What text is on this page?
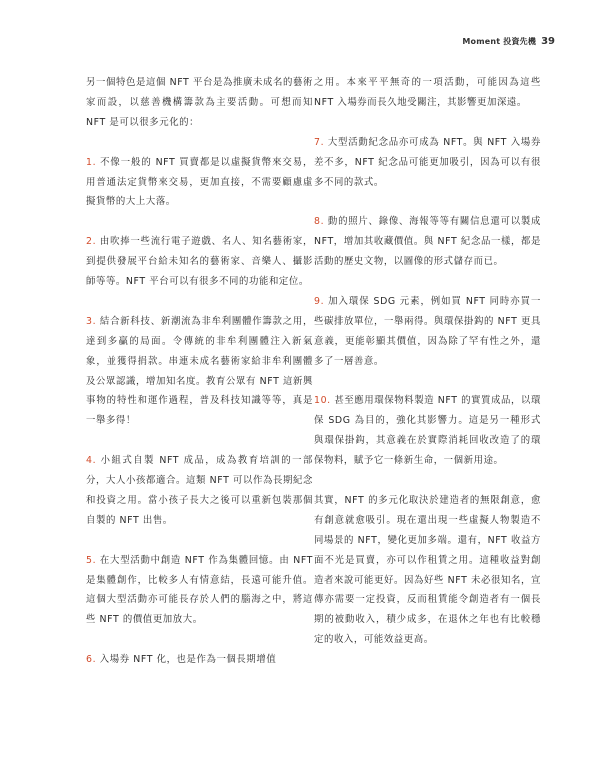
Moment 投資先機 39

另一個特色是這個 NFT 平台是為推廣未成名的藝術家而設，以慈善機構籌款為主要活動。可想而知 NFT 是可以很多元化的：

1. 不像一般的 NFT 買賣都是以虛擬貨幣來交易，用普通法定貨幣來交易，更加直接，不需要顧慮虛擬貨幣的大上大落。

2. 由吹捧一些流行電子遊戲、名人、知名藝術家，到提供發展平台給未知名的藝術家、音樂人、攝影師等等。NFT 平台可以有很多不同的功能和定位。

3. 結合新科技、新潮流為非牟利團體作籌款之用，達到多贏的局面。令傳統的非牟利團體注入新氣象，並獲得捐款。串連未成名藝術家給非牟利團體及公眾認識，增加知名度。教育公眾有 NFT 這新興事物的特性和運作過程，普及科技知識等等，真是一舉多得！

4. 小組式自製 NFT 成品，成為教育培訓的一部分，大人小孩都適合。這類 NFT 可以作為長期紀念和投資之用。當小孩子長大之後可以重新包裝那個自製的 NFT 出售。

5. 在大型活動中創造 NFT 作為集體回憶。由 NFT 是集體創作，比較多人有情意結，長遠可能升值。這個大型活動亦可能長存於人們的腦海之中，將這些 NFT 的價值更加放大。

6. 入場券 NFT 化，也是作為一個長期增值

之用。本來平平無奇的一項活動，可能因為這些 NFT 入場券而長久地受關注，其影響更加深遠。

7. 大型活動紀念品亦可成為 NFT。與 NFT 入場券差不多，NFT 紀念品可能更加吸引，因為可以有很多不同的款式。

8. 動的照片、錄像、海報等等有關信息還可以製成 NFT，增加其收藏價值。與 NFT 紀念品一樣，都是活動的歷史文物，以圖像的形式儲存而已。

9. 加入環保 SDG 元素，例如買 NFT 同時亦買一些碳排放單位，一舉兩得。與環保掛鈎的 NFT 更具意義，更能彰顯其價值，因為除了罕有性之外，還多了一層善意。

10. 甚至應用環保物料製造 NFT 的實質成品，以環保 SDG 為目的，強化其影響力。這是另一種形式與環保掛鈎，其意義在於實際消耗回收改造了的環保物料，賦予它一條新生命，一個新用途。

其實，NFT 的多元化取決於建造者的無限創意，愈有創意就愈吸引。現在還出現一些虛擬人物製造不同場景的 NFT，變化更加多端。還有，NFT 收益方面不光是買賣，亦可以作租賃之用。這種收益對創造者來說可能更好。因為好些 NFT 未必很知名，宣傳亦需要一定投資，反而租賃能令創造者有一個長期的被動收入，積少成多，在退休之年也有比較穩定的收入，可能效益更高。
